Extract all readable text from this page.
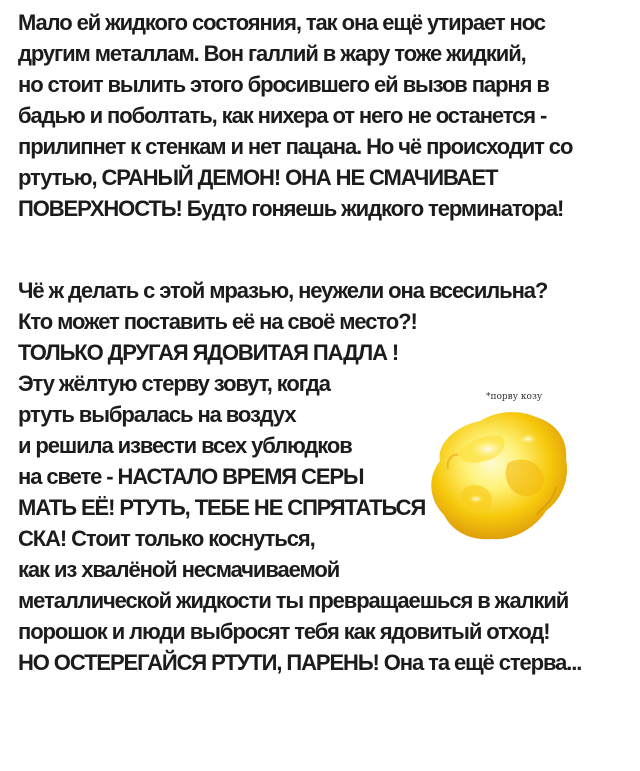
Мало ей жидкого состояния, так она ещё утирает нос
другим металлам. Вон галлий в жару тоже жидкий,
но стоит вылить этого бросившего ей вызов парня в
бадью и поболтать, как нихера от него не останется -
прилипнет к стенкам и нет пацана. Но чё происходит со
ртутью, СРАНЫЙ ДЕМОН! ОНА НЕ СМАЧИВАЕТ
ПОВЕРХНОСТЬ! Будто гоняешь жидкого терминатора!
Чё ж делать с этой мразью, неужели она всесильна?
Кто может поставить её на своё место?!
ТОЛЬКО ДРУГАЯ ЯДОВИТАЯ ПАДЛА !
Эту жёлтую стерву зовут, когда
ртуть выбралась на воздух
и решила извести всех ублюдков
на свете - НАСТАЛО ВРЕМЯ СЕРЫ
МАТЬ ЕЁ! РТУТЬ, ТЕБЕ НЕ СПРЯТАТЬСЯ
СКА! Стоит только коснуться,
как из хвалёной несмачиваемой
металлической жидкости ты превращаешься в жалкий
порошок и люди выбросят тебя как ядовитый отход!
НО ОСТЕРЕГАЙСЯ РТУТИ, ПАРЕНЬ! Она та ещё стерва...
*порву козу
